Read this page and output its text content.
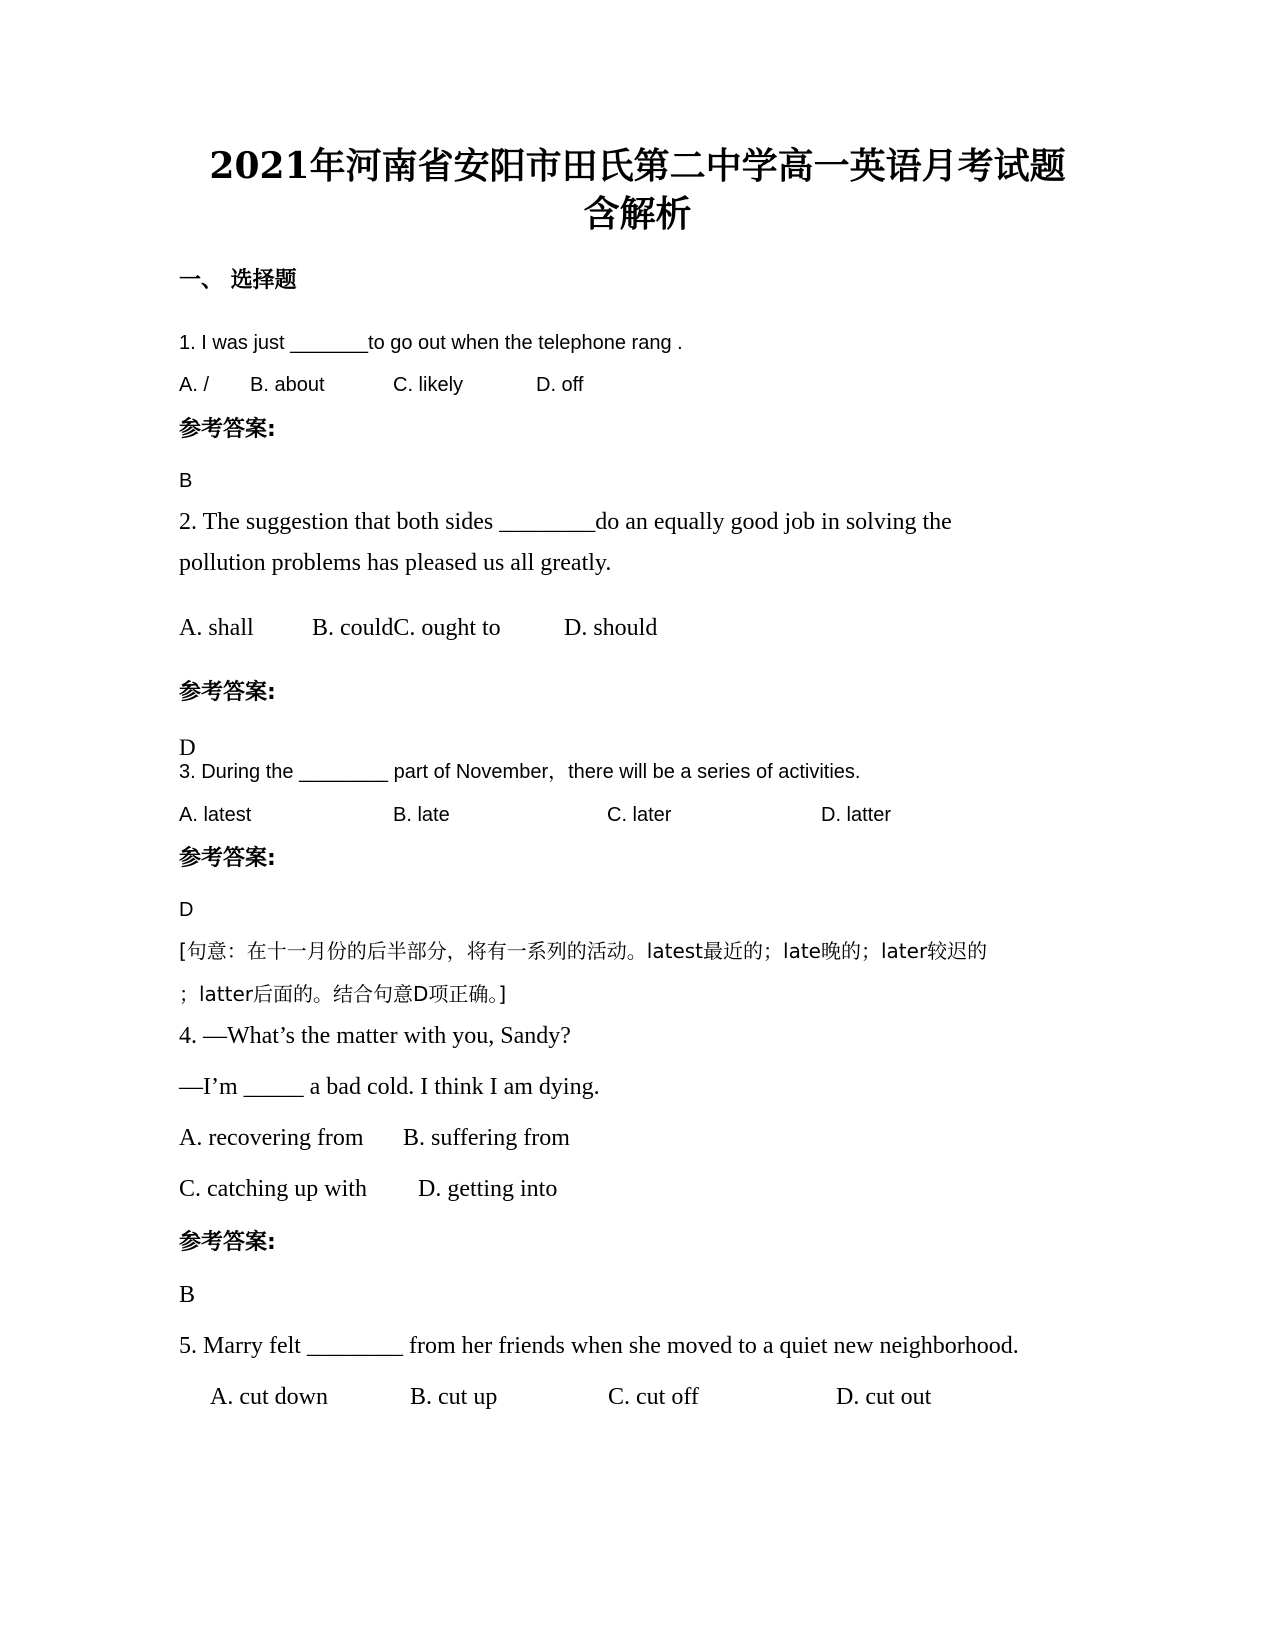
2021年河南省安阳市田氏第二中学高一英语月考试题
含解析
一、 选择题
1. I was just _______to go out when the telephone rang .
A. / B. about	C. likely	D. off
参考答案:
B
2. The suggestion that both sides ________do an equally good job in solving the
pollution problems has pleased us all greatly.
A. shall B. couldC. ought to	D. should
参考答案:
D
3. During the ________ part of November，there will be a series of activities.
A. latest	B. late	C. later	D. latter
参考答案:
D
[句意：在十一月份的后半部分，将有一系列的活动。latest最近的；late晚的；later较迟的
；latter后面的。结合句意D项正确。]
4. —What’s the matter with you, Sandy?
—I’m _____ a bad cold. I think I am dying.
A. recovering from B. suffering from
C. catching up with D. getting into
参考答案:
B
5. Marry felt ________ from her friends when she moved to a quiet new neighborhood.
A. cut down	B. cut up	C. cut off	D. cut out
